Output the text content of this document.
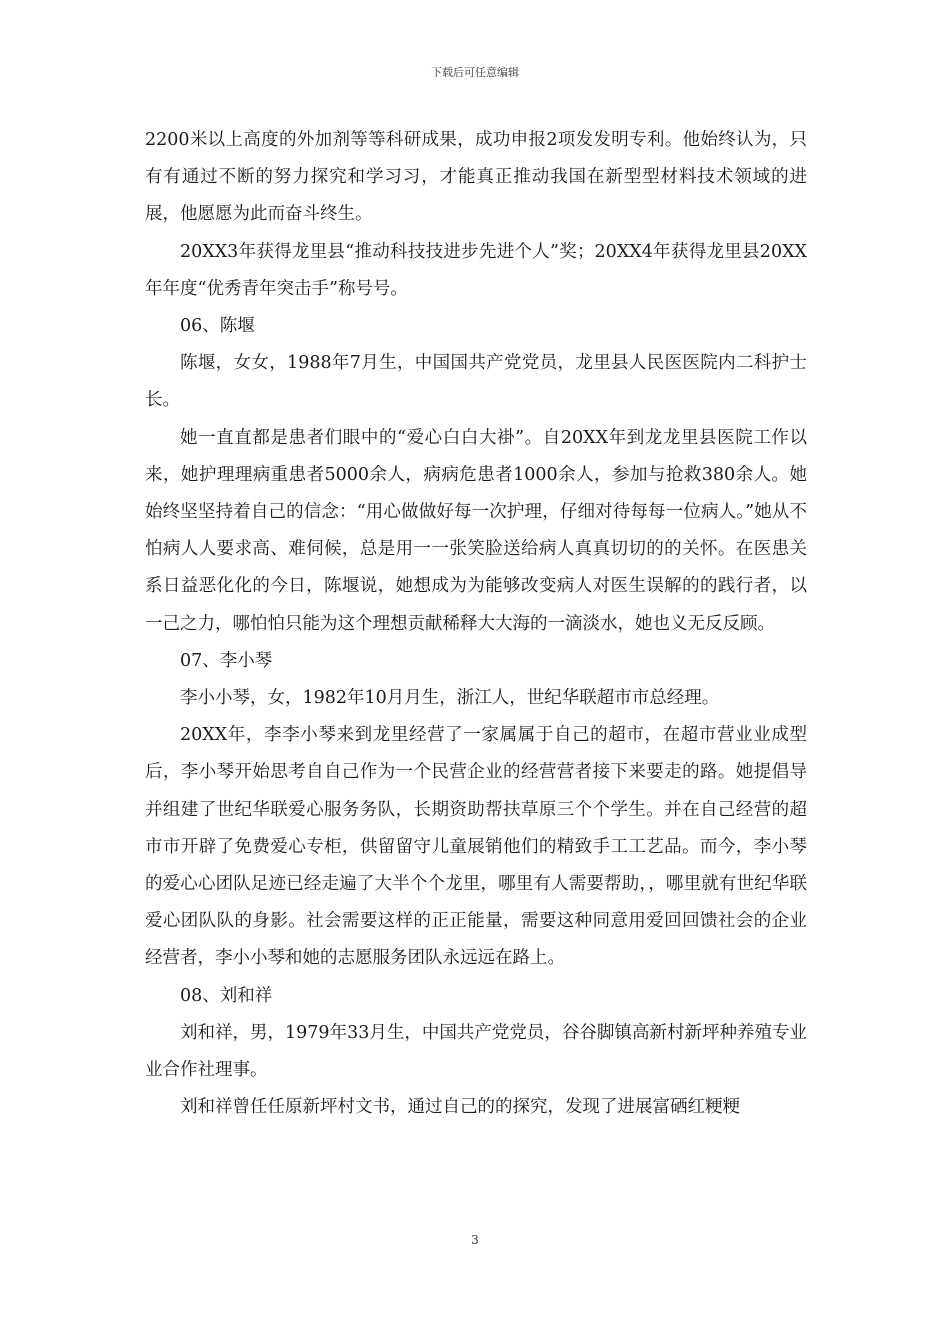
下载后可任意编辑

2200米以上高度的外加剂等等科研成果，成功申报2项发发明专利。他始终认为，只有有通过不断的努力探究和学习习，才能真正推动我国在新型型材料技术领域的进展，他愿愿为此而奋斗终生。

20XX3年获得龙里县“推动科技技进步先进个人”奖；20XX4年获得龙里县20XX年年度“优秀青年突击手”称号号。

06、陈堰

陈堰，女女，1988年7月生，中国国共产党党员，龙里县人民医医院内二科护士长。

她一直直都是患者们眼中的“爱心白白大褂”。自20XX年到龙龙里县医院工作以来，她护理理病重患者5000余人，病病危患者1000余人，参加与抢救380余人。她始终坚坚持着自己的信念：“用心做做好每一次护理，仔细对待每每一位病人。”她从不怕病人人要求高、难伺候，总是用一一张笑脸送给病人真真切切的的关怀。在医患关系日益恶化化的今日，陈堰说，她想成为为能够改变病人对医生误解的的践行者，以一己之力，哪怕怕只能为这个理想贡献稀释大大海的一滴淡水，她也义无反反顾。

07、李小琴

李小小琴，女，1982年10月月生，浙江人，世纪华联超市市总经理。

20XX年，李李小琴来到龙里经营了一家属属于自己的超市，在超市营业业成型后，李小琴开始思考自自己作为一个民营企业的经营营者接下来要走的路。她提倡导并组建了世纪华联爱心服务务队，长期资助帮扶草原三个个学生。并在自己经营的超市市开辟了免费爱心专柜，供留留守儿童展销他们的精致手工工艺品。而今，李小琴的爱心心团队足迹已经走遍了大半个个龙里，哪里有人需要帮助，，哪里就有世纪华联爱心团队队的身影。社会需要这样的正正能量，需要这种同意用爱回回馈社会的企业经营者，李小小琴和她的志愿服务团队永远远在路上。

08、刘和祥

刘和祥，男，1979年33月生，中国共产党党员，谷谷脚镇高新村新坪种养殖专业业合作社理事。

刘和祥曾任任原新坪村文书，通过自己的的探究，发现了进展富硒红粳粳

3
